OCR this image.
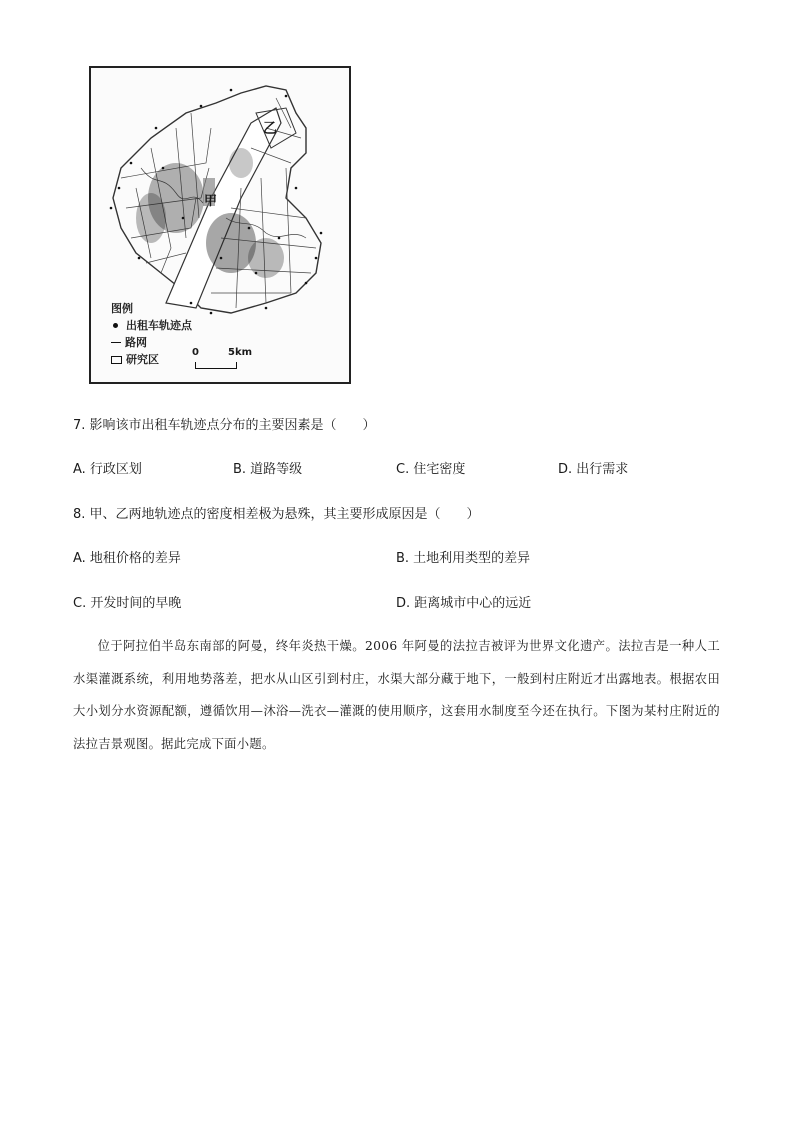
乙
甲
图例
出租车轨迹点
路网
研究区
0	5km
7. 影响该市出租车轨迹点分布的主要因素是（　　）
A. 行政区划	B. 道路等级	C. 住宅密度	D. 出行需求
8. 甲、乙两地轨迹点的密度相差极为悬殊，其主要形成原因是（　　）
A. 地租价格的差异	B. 土地利用类型的差异
C. 开发时间的早晚	D. 距离城市中心的远近
位于阿拉伯半岛东南部的阿曼，终年炎热干燥。2006 年阿曼的法拉吉被评为世界文化遗产。法拉吉是一种人工水渠灌溉系统，利用地势落差，把水从山区引到村庄，水渠大部分藏于地下，一般到村庄附近才出露地表。根据农田大小划分水资源配额，遵循饮用—沐浴—洗衣—灌溉的使用顺序，这套用水制度至今还在执行。下图为某村庄附近的法拉吉景观图。据此完成下面小题。
